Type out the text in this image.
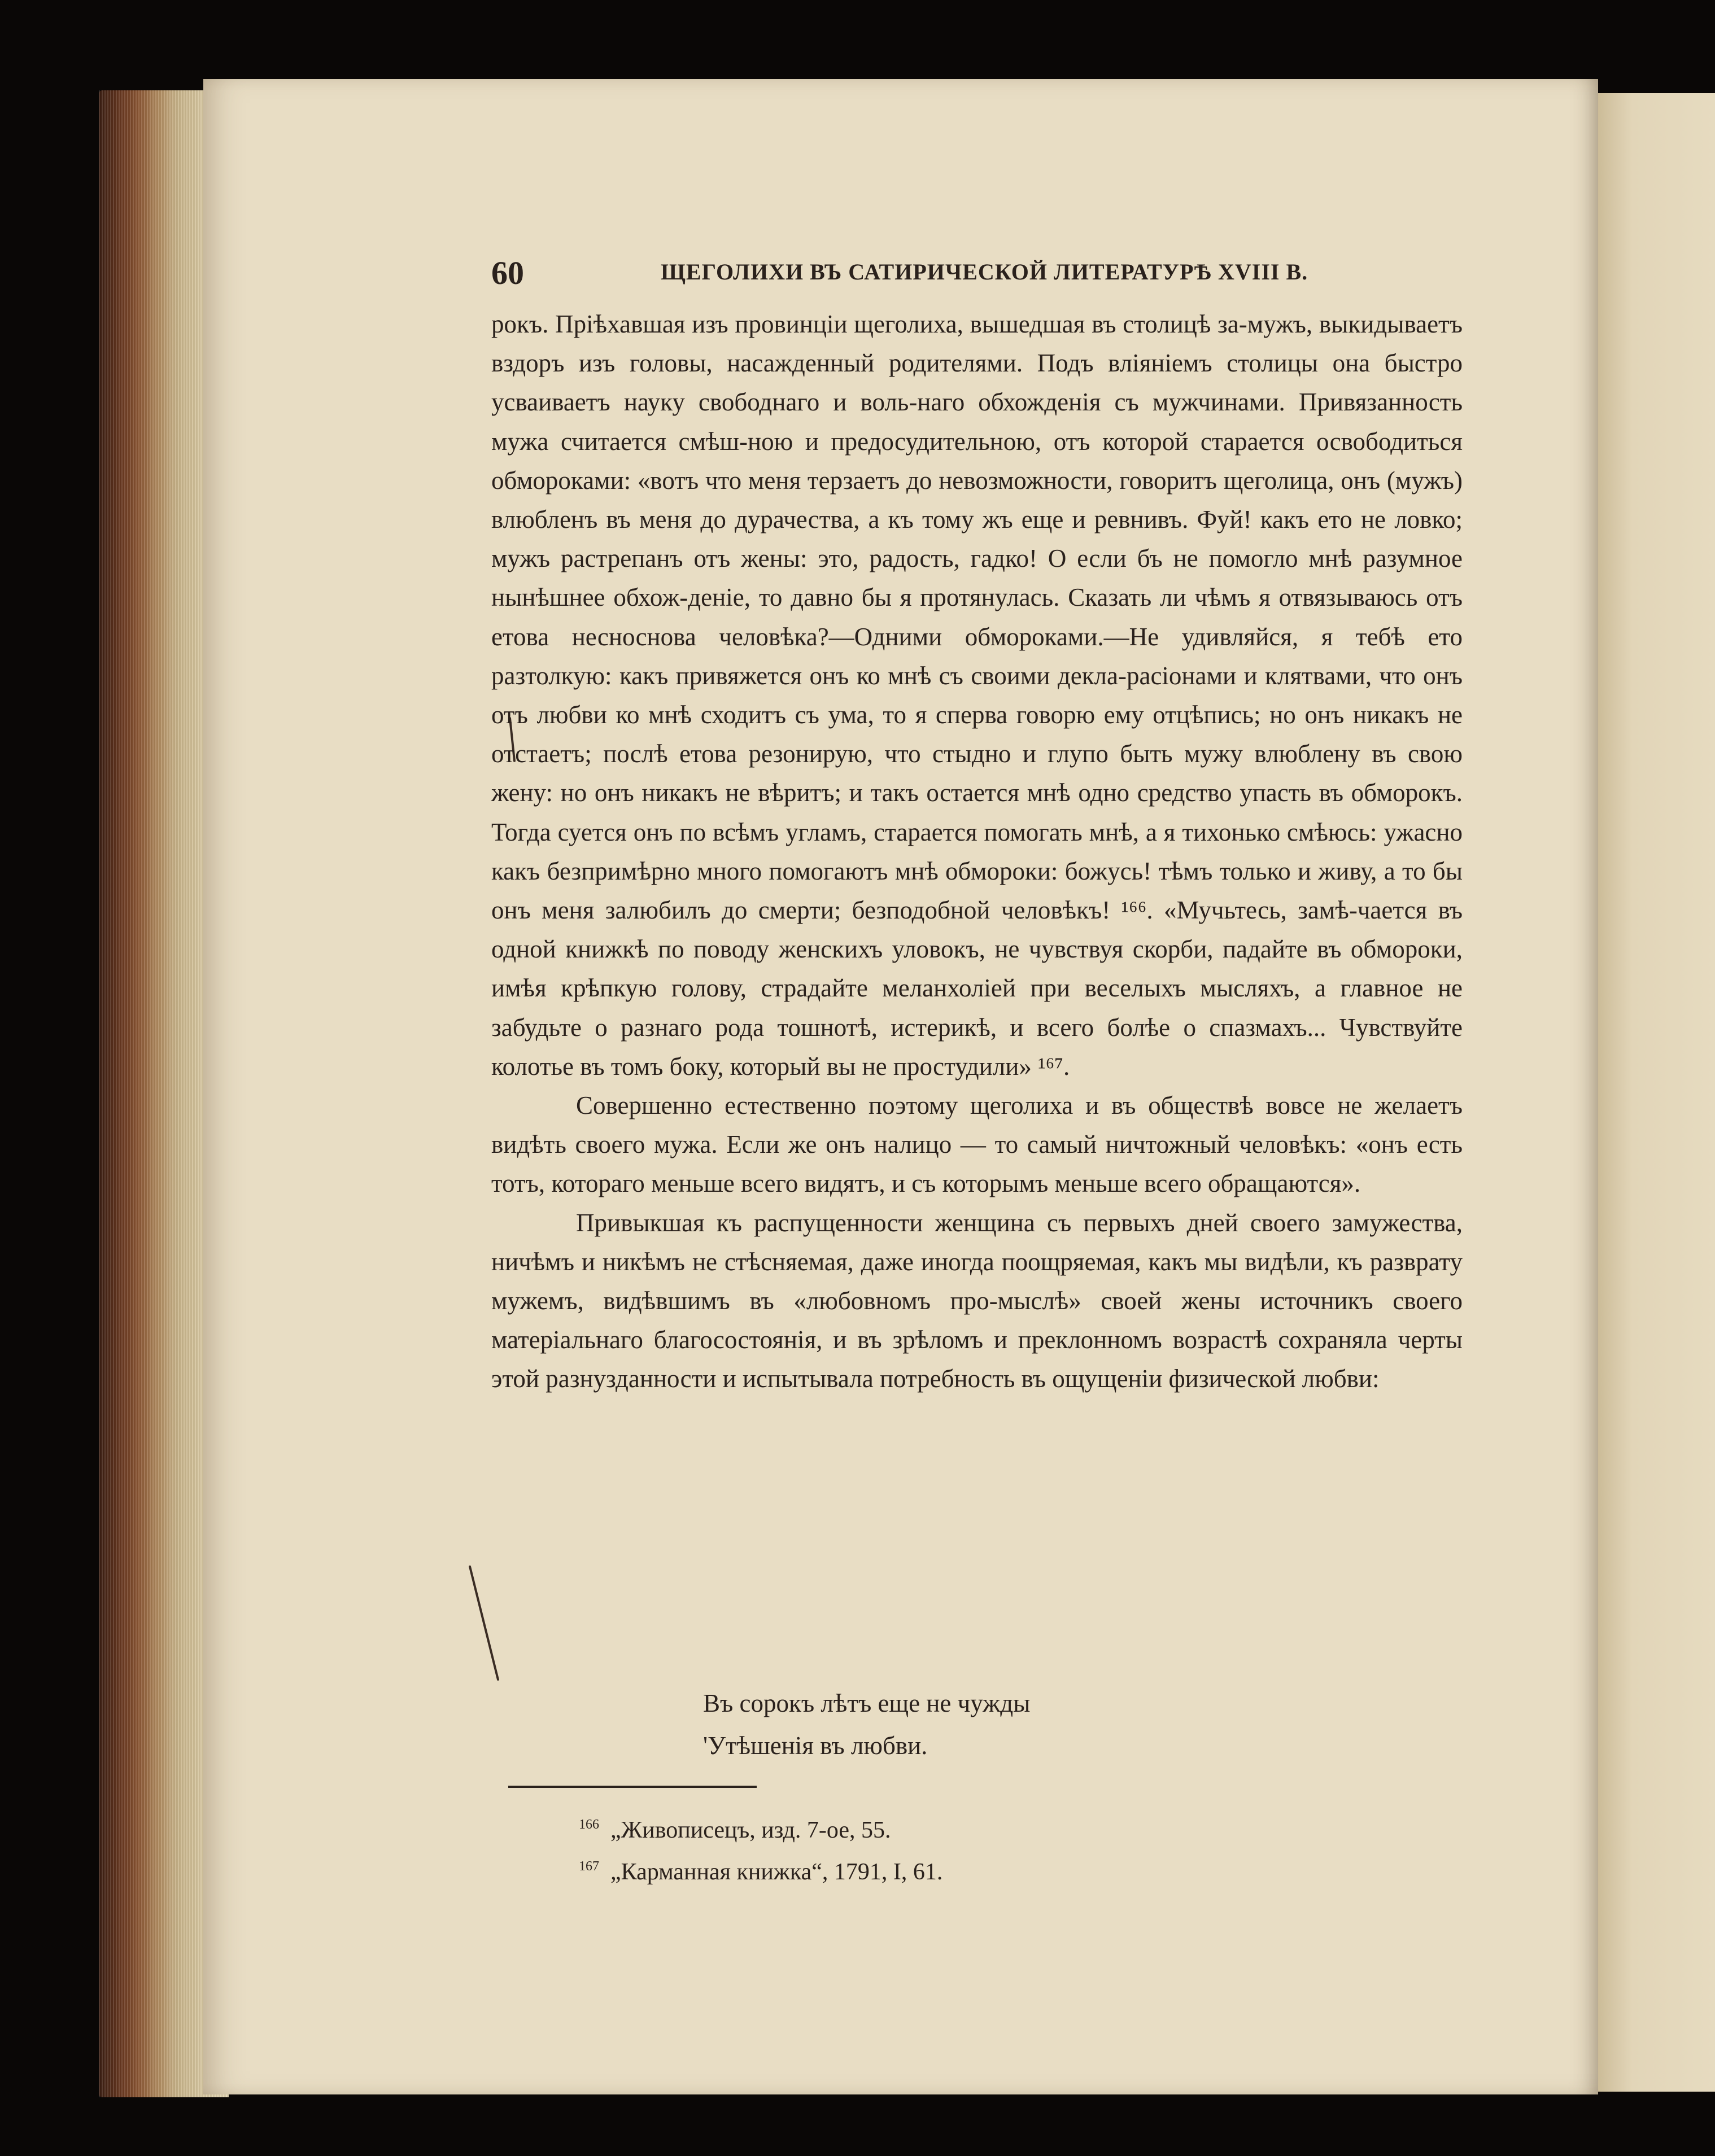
60	ЩЕГОЛИХИ ВЪ САТИРИЧЕСКОЙ ЛИТЕРАТУРѢ XVIII В.

рокъ. Пріѣхавшая изъ провинціи щеголиха, вышедшая въ столицѣ за-мужъ, выкидываетъ вздоръ изъ головы, насажденный родителями. Подъ вліяніемъ столицы она быстро усваиваетъ науку свободнаго и воль-наго обхожденія съ мужчинами. Привязанность мужа считается смѣш-ною и предосудительною, отъ которой старается освободиться обмороками: «вотъ что меня терзаетъ до невозможности, говоритъ щеголица, онъ (мужъ) влюбленъ въ меня до дурачества, а къ тому жъ еще и ревнивъ. Фуй! какъ ето не ловко; мужъ растрепанъ отъ жены: это, радость, гадко! О если бъ не помогло мнѣ разумное нынѣшнее обхож-деніе, то давно бы я протянулась. Сказать ли чѣмъ я отвязываюсь отъ етова несноснова человѣка?—Одними обмороками.—Не удивляйся, я тебѣ ето разтолкую: какъ привяжется онъ ко мнѣ съ своими декла-расіонами и клятвами, что онъ отъ любви ко мнѣ сходитъ съ ума, то я сперва говорю ему отцѣпись; но онъ никакъ не отстаетъ; послѣ етова резонирую, что стыдно и глупо быть мужу влюблену въ свою жену: но онъ никакъ не вѣритъ; и такъ остается мнѣ одно средство упасть въ обморокъ. Тогда суется онъ по всѣмъ угламъ, старается помогать мнѣ, а я тихонько смѣюсь: ужасно какъ безпримѣрно много помогаютъ мнѣ обмороки: божусь! тѣмъ только и живу, а то бы онъ меня залюбилъ до смерти; безподобной человѣкъ! ¹⁶⁶. «Мучьтесь, замѣ-чается въ одной книжкѣ по поводу женскихъ уловокъ, не чувствуя скорби, падайте въ обмороки, имѣя крѣпкую голову, страдайте меланхоліей при веселыхъ мысляхъ, а главное не забудьте о разнаго рода тошнотѣ, истерикѣ, и всего болѣе о спазмахъ... Чувствуйте колотье въ томъ боку, который вы не простудили» ¹⁶⁷.

Совершенно естественно поэтому щеголиха и въ обществѣ вовсе не желаетъ видѣть своего мужа. Если же онъ налицо — то самый ничтожный человѣкъ: «онъ есть тотъ, котораго меньше всего видятъ, и съ которымъ меньше всего обращаются».

Привыкшая къ распущенности женщина съ первыхъ дней своего замужества, ничѣмъ и никѣмъ не стѣсняемая, даже иногда поощряемая, какъ мы видѣли, къ разврату мужемъ, видѣвшимъ въ «любовномъ про-мыслѣ» своей жены источникъ своего матеріальнаго благосостоянія, и въ зрѣломъ и преклонномъ возрастѣ сохраняла черты этой разнузданности и испытывала потребность въ ощущеніи физической любви:

Въ сорокъ лѣтъ еще не чужды
'Утѣшенія въ любви.
$^{166}$ „Живописецъ, изд. 7-ое, 55.
$^{167}$ „Карманная книжка“, 1791, I, 61.
